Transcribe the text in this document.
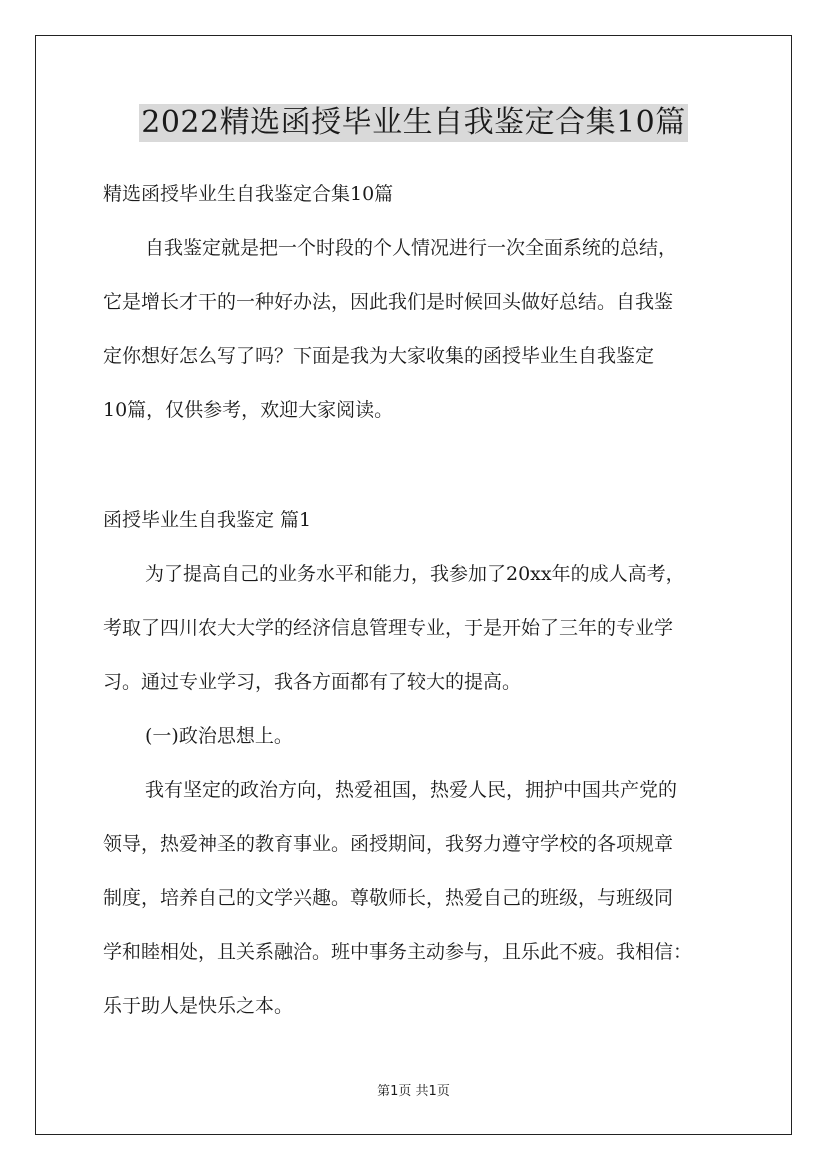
2022精选函授毕业生自我鉴定合集10篇
精选函授毕业生自我鉴定合集10篇
自我鉴定就是把一个时段的个人情况进行一次全面系统的总结，
它是增长才干的一种好办法，因此我们是时候回头做好总结。自我鉴
定你想好怎么写了吗？下面是我为大家收集的函授毕业生自我鉴定
10篇，仅供参考，欢迎大家阅读。
函授毕业生自我鉴定 篇1
为了提高自己的业务水平和能力，我参加了20xx年的成人高考，
考取了四川农大大学的经济信息管理专业，于是开始了三年的专业学
习。通过专业学习，我各方面都有了较大的提高。
(一)政治思想上。
我有坚定的政治方向，热爱祖国，热爱人民，拥护中国共产党的
领导，热爱神圣的教育事业。函授期间，我努力遵守学校的各项规章
制度，培养自己的文学兴趣。尊敬师长，热爱自己的班级，与班级同
学和睦相处，且关系融洽。班中事务主动参与，且乐此不疲。我相信：
乐于助人是快乐之本。
第1页 共1页
